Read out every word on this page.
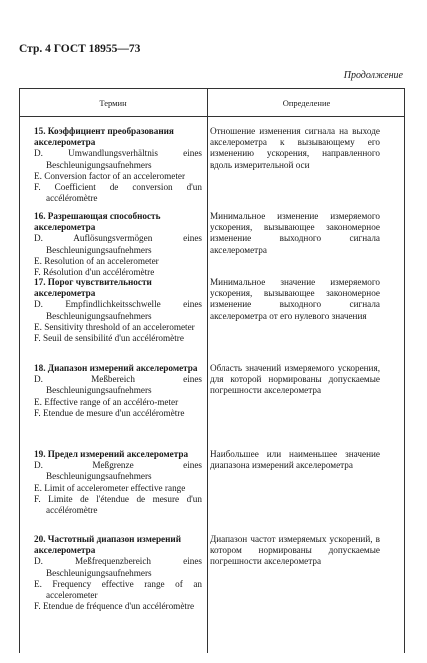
Стр. 4 ГОСТ 18955—73
Продолжение
Термин	Определение
15. Коэффициент преобразования акселерометра
D. Umwandlungsverhältnis eines Beschleunigungsaufnehmers
E. Conversion factor of an accelerometer
F. Coefficient de conversion d'un accéléromètre
Отношение изменения сигнала на выходе акселерометра к вызывающему его изменению ускорения, направленного вдоль измерительной оси
16. Разрешающая способность акселерометра
D. Auflösungsvermögen eines Beschleunigungsaufnehmers
E. Resolution of an accelerometer
F. Résolution d'un accéléromètre
Минимальное изменение измеряемого ускорения, вызывающее закономерное изменение выходного сигнала акселерометра
17. Порог чувствительности акселерометра
D. Empfindlichkeitsschwelle eines Beschleunigungsaufnehmers
E. Sensitivity threshold of an accelerometer
F. Seuil de sensibilité d'un accéléromètre
Минимальное значение измеряемого ускорения, вызывающее закономерное изменение выходного сигнала акселерометра от его нулевого значения
18. Диапазон измерений акселерометра
D. Meßbereich eines Beschleunigungsaufnehmers
E. Effective range of an accéléro-meter
F. Etendue de mesure d'un accéléromètre
Область значений измеряемого ускорения, для которой нормированы допускаемые погрешности акселерометра
19. Предел измерений акселерометра
D. Meßgrenze eines Beschleunigungsaufnehmers
E. Limit of accelerometer effective range
F. Limite de l'étendue de mesure d'un accéléromètre
Наибольшее или наименьшее значение диапазона измерений акселерометра
20. Частотный диапазон измерений акселерометра
D. Meßfrequenzbereich eines Beschleunigungsaufnehmers
E. Frequency effective range of an accelerometer
F. Etendue de fréquence d'un accéléromètre
Диапазон частот измеряемых ускорений, в котором нормированы допускаемые погрешности акселерометра
